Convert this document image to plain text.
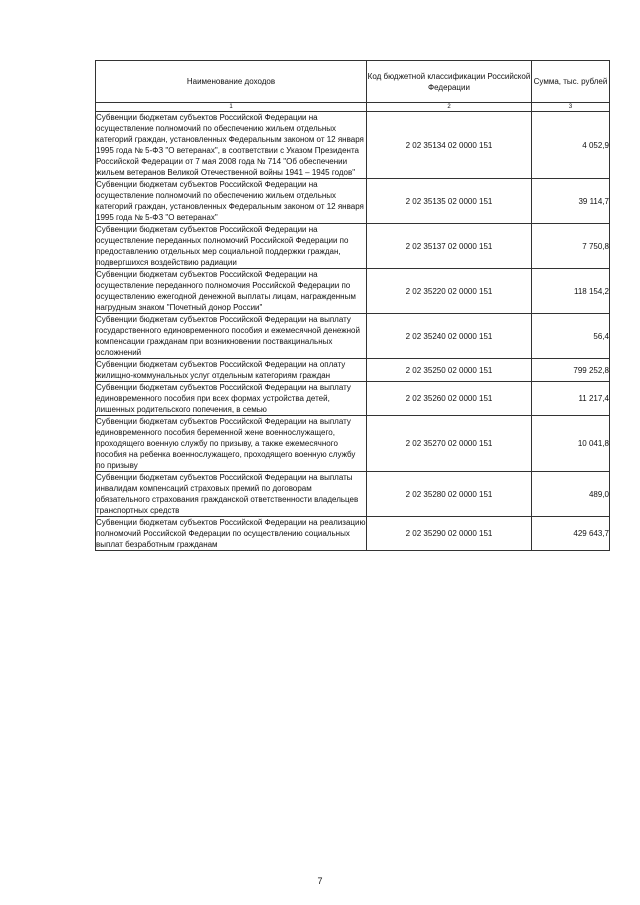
Наименование доходов	Код бюджетной классификации Российской Федерации	Сумма, тыс. рублей
1	2	3
Субвенции бюджетам субъектов Российской Федерации на осуществление полномочий по обеспечению жильем отдельных категорий граждан, установленных Федеральным законом от 12 января 1995 года № 5-ФЗ "О ветеранах", в соответствии с Указом Президента Российской Федерации от 7 мая 2008 года № 714 "Об обеспечении жильем ветеранов Великой Отечественной войны 1941 – 1945 годов"	2 02 35134 02 0000 151	4 052,9
Субвенции бюджетам субъектов Российской Федерации на осуществление полномочий по обеспечению жильем отдельных категорий граждан, установленных Федеральным законом от 12 января 1995 года № 5-ФЗ "О ветеранах"	2 02 35135 02 0000 151	39 114,7
Субвенции бюджетам субъектов Российской Федерации на осуществление переданных полномочий Российской Федерации по предоставлению отдельных мер социальной поддержки граждан, подвергшихся воздействию радиации	2 02 35137 02 0000 151	7 750,8
Субвенции бюджетам субъектов Российской Федерации на осуществление переданного полномочия Российской Федерации по осуществлению ежегодной денежной выплаты лицам, награжденным нагрудным знаком "Почетный донор России"	2 02 35220 02 0000 151	118 154,2
Субвенции бюджетам субъектов Российской Федерации на выплату государственного единовременного пособия и ежемесячной денежной компенсации гражданам при возникновении поствакцинальных осложнений	2 02 35240 02 0000 151	56,4
Субвенции бюджетам субъектов Российской Федерации на оплату жилищно-коммунальных услуг отдельным категориям граждан	2 02 35250 02 0000 151	799 252,8
Субвенции бюджетам субъектов Российской Федерации на выплату единовременного пособия при всех формах устройства детей, лишенных родительского попечения, в семью	2 02 35260 02 0000 151	11 217,4
Субвенции бюджетам субъектов Российской Федерации на выплату единовременного пособия беременной жене военнослужащего, проходящего военную службу по призыву, а также ежемесячного пособия на ребенка военнослужащего, проходящего военную службу по призыву	2 02 35270 02 0000 151	10 041,8
Субвенции бюджетам субъектов Российской Федерации на выплаты инвалидам компенсаций страховых премий по договорам обязательного страхования гражданской ответственности владельцев транспортных средств	2 02 35280 02 0000 151	489,0
Субвенции бюджетам субъектов Российской Федерации на реализацию полномочий Российской Федерации по осуществлению социальных выплат безработным гражданам	2 02 35290 02 0000 151	429 643,7
7
